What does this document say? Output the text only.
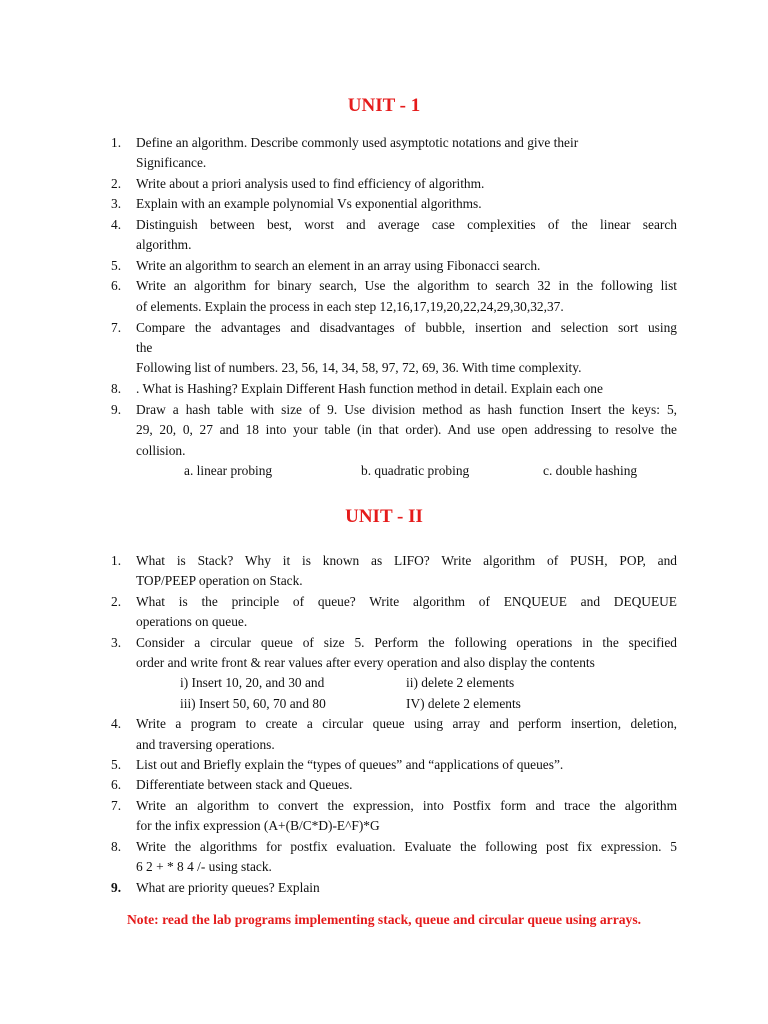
UNIT - 1
1.	Define an algorithm. Describe commonly used asymptotic notations and give their
Significance.
2.	Write about a priori analysis used to find efficiency of algorithm.
3.	Explain with an example polynomial Vs exponential algorithms.
4.	Distinguish between best, worst and average case complexities of the linear search
algorithm.
5.	Write an algorithm to search an element in an array using Fibonacci search.
6.	Write an algorithm for binary search, Use the algorithm to search 32 in the following list
of elements. Explain the process in each step 12,16,17,19,20,22,24,29,30,32,37.
7.	Compare the advantages and disadvantages of bubble, insertion and selection sort using
the
Following list of numbers. 23, 56, 14, 34, 58, 97, 72, 69, 36. With time complexity.
8.	. What is Hashing? Explain Different Hash function method in detail. Explain each one
9.	Draw a hash table with size of 9. Use division method as hash function Insert the keys: 5,
29, 20, 0, 27 and 18 into your table (in that order). And use open addressing to resolve the
collision.
a. linear probing	b. quadratic probing	c. double hashing
UNIT - II
1.	What is Stack? Why it is known as LIFO? Write algorithm of PUSH, POP, and
TOP/PEEP operation on Stack.
2.	What is the principle of queue? Write algorithm of ENQUEUE and DEQUEUE
operations on queue.
3.	Consider a circular queue of size 5. Perform the following operations in the specified
order and write front & rear values after every operation and also display the contents
i) Insert 10, 20, and 30 and	ii) delete 2 elements
iii) Insert 50, 60, 70 and 80	IV) delete 2 elements
4.	Write a program to create a circular queue using array and perform insertion, deletion,
and traversing operations.
5.	List out and Briefly explain the “types of queues” and “applications of queues”.
6.	Differentiate between stack and Queues.
7.	Write an algorithm to convert the expression, into Postfix form and trace the algorithm
for the infix expression (A+(B/C*D)-E^F)*G
8.	Write the algorithms for postfix evaluation. Evaluate the following post fix expression. 5
6 2 + * 8 4 /- using stack.
9.	What are priority queues? Explain
Note: read the lab programs implementing stack, queue and circular queue using arrays.
